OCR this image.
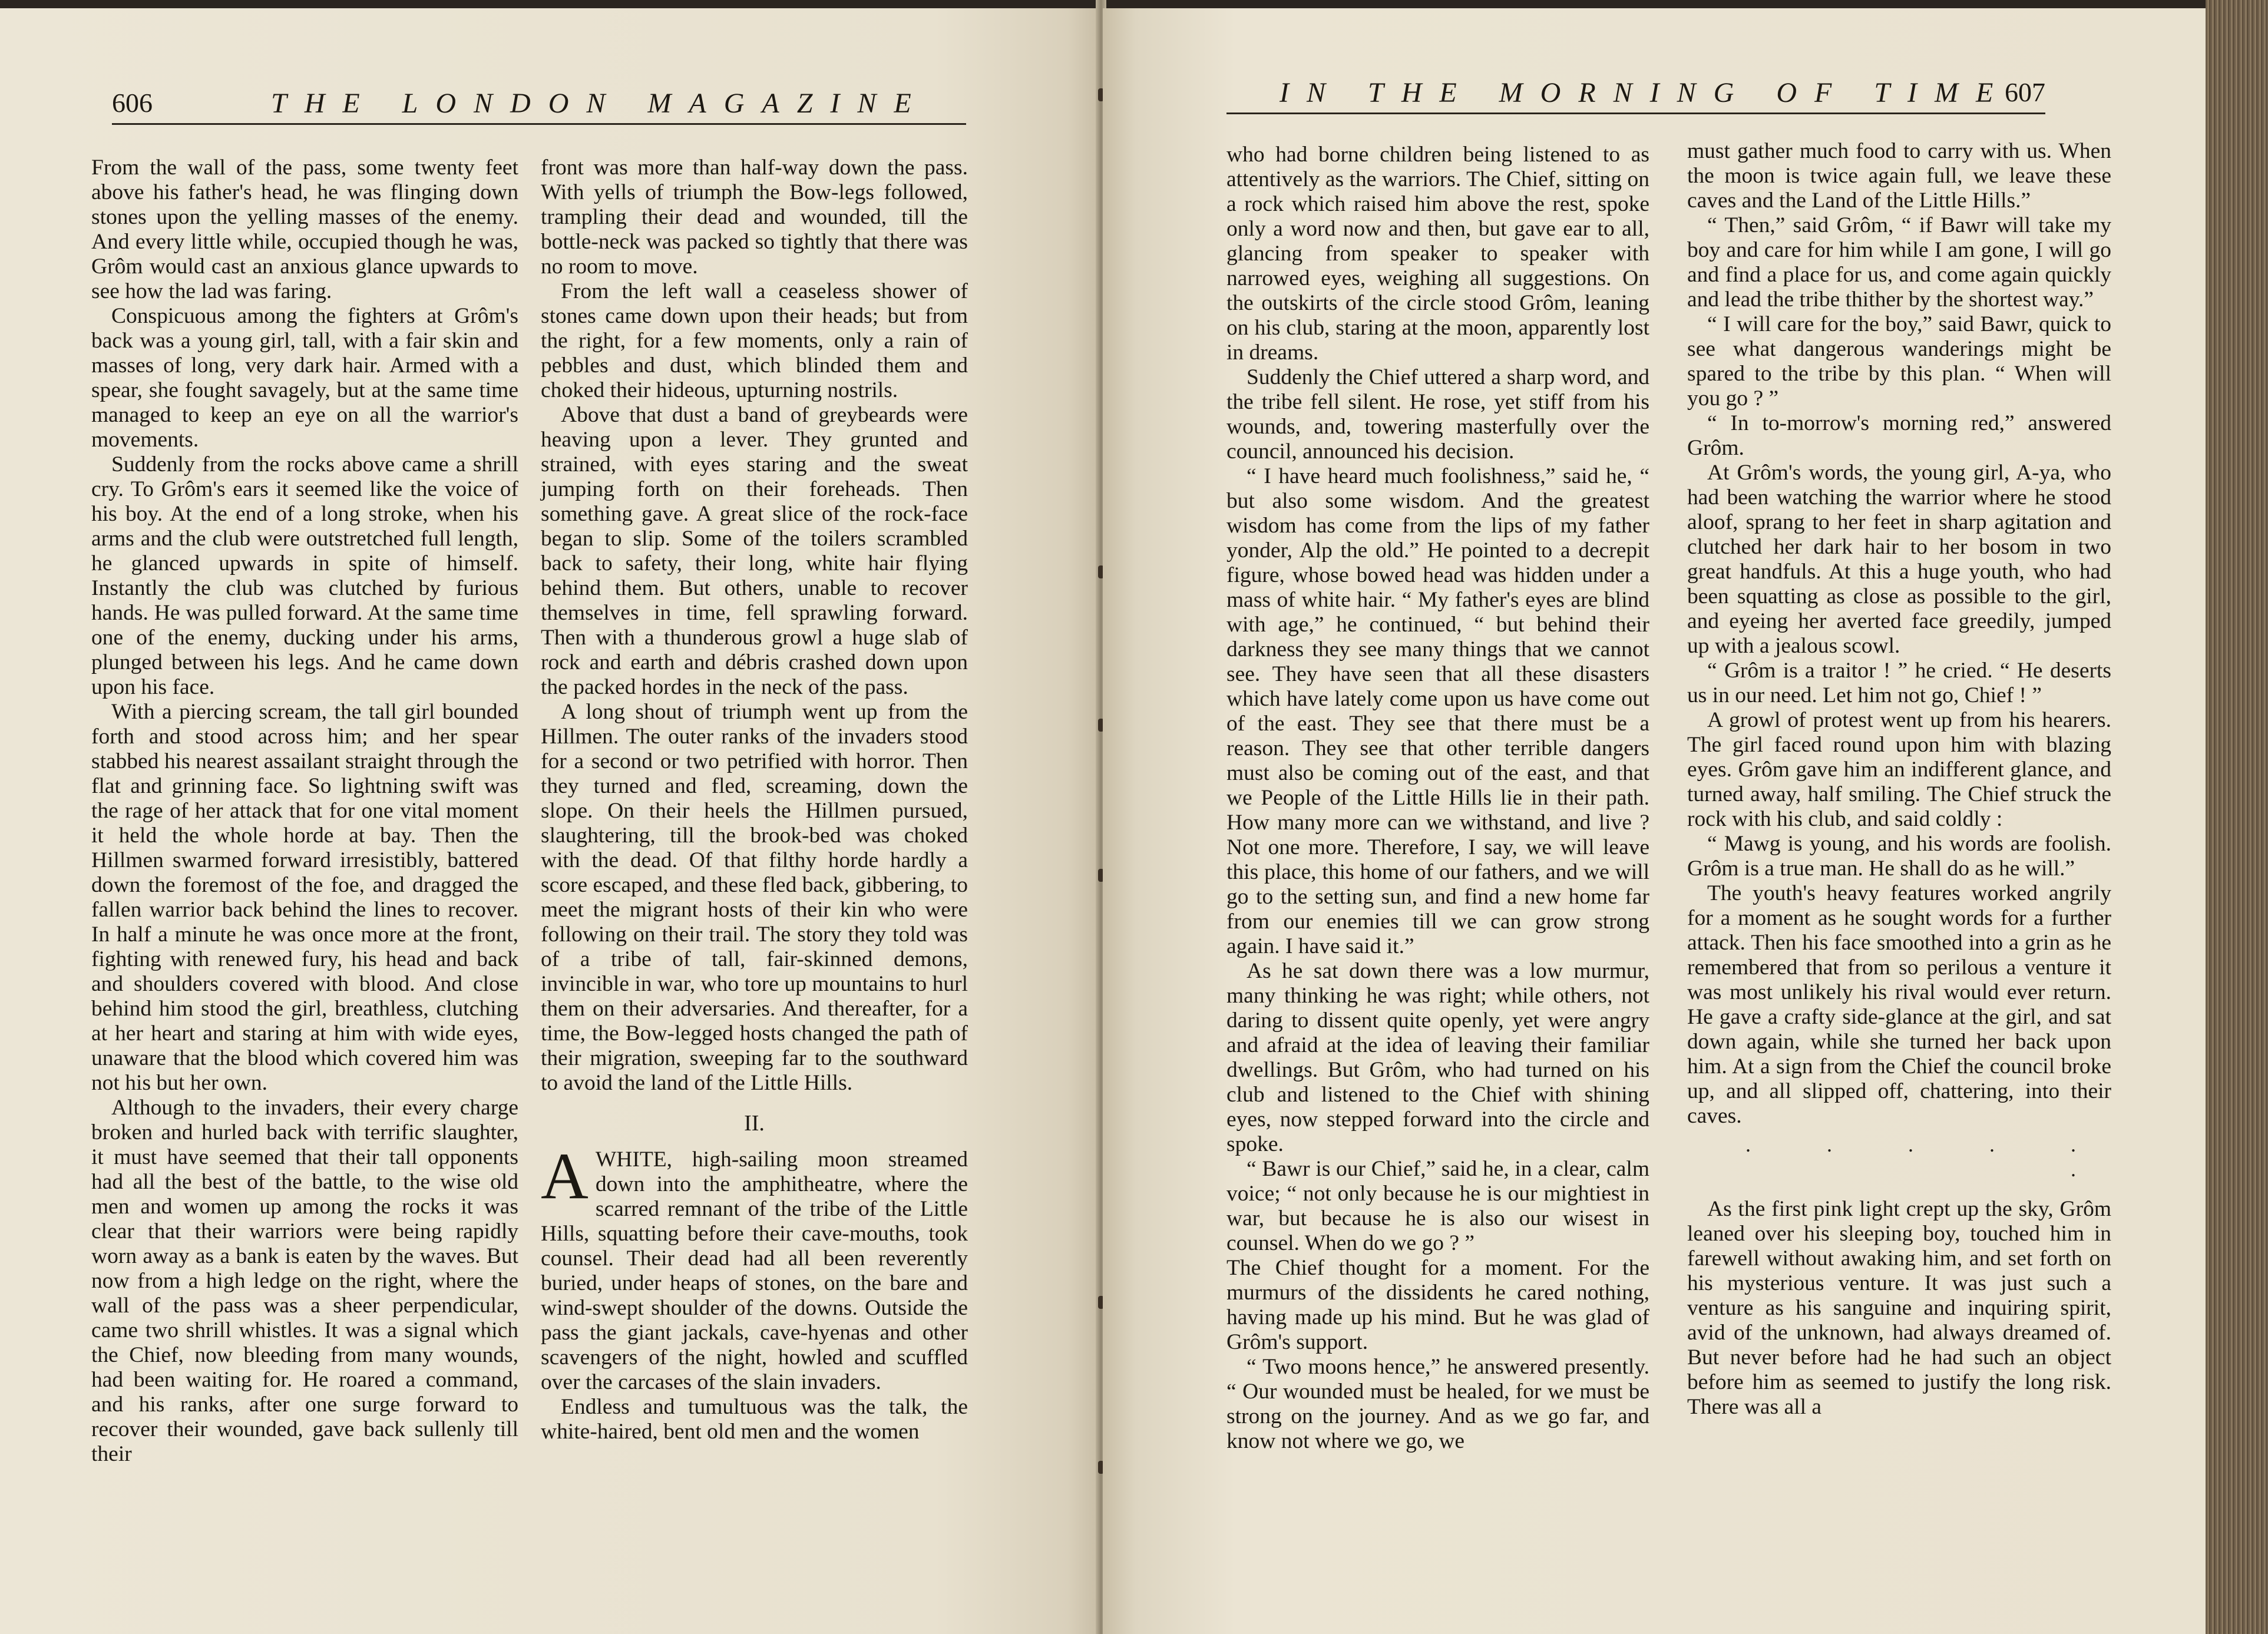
606	THE LONDON MAGAZINE

From the wall of the pass, some twenty feet above his father's head, he was flinging down stones upon the yelling masses of the enemy. And every little while, occupied though he was, Grôm would cast an anxious glance upwards to see how the lad was faring.

Conspicuous among the fighters at Grôm's back was a young girl, tall, with a fair skin and masses of long, very dark hair. Armed with a spear, she fought savagely, but at the same time managed to keep an eye on all the warrior's movements.

Suddenly from the rocks above came a shrill cry. To Grôm's ears it seemed like the voice of his boy. At the end of a long stroke, when his arms and the club were outstretched full length, he glanced upwards in spite of himself. Instantly the club was clutched by furious hands. He was pulled forward. At the same time one of the enemy, ducking under his arms, plunged between his legs. And he came down upon his face.

With a piercing scream, the tall girl bounded forth and stood across him; and her spear stabbed his nearest assailant straight through the flat and grinning face. So lightning swift was the rage of her attack that for one vital moment it held the whole horde at bay. Then the Hillmen swarmed forward irresistibly, battered down the foremost of the foe, and dragged the fallen warrior back behind the lines to recover. In half a minute he was once more at the front, fighting with renewed fury, his head and back and shoulders covered with blood. And close behind him stood the girl, breathless, clutching at her heart and staring at him with wide eyes, unaware that the blood which covered him was not his but her own.

Although to the invaders, their every charge broken and hurled back with terrific slaughter, it must have seemed that their tall opponents had all the best of the battle, to the wise old men and women up among the rocks it was clear that their warriors were being rapidly worn away as a bank is eaten by the waves. But now from a high ledge on the right, where the wall of the pass was a sheer perpendicular, came two shrill whistles. It was a signal which the Chief, now bleeding from many wounds, had been waiting for. He roared a command, and his ranks, after one surge forward to recover their wounded, gave back sullenly till their

front was more than half-way down the pass. With yells of triumph the Bow-legs followed, trampling their dead and wounded, till the bottle-neck was packed so tightly that there was no room to move.

From the left wall a ceaseless shower of stones came down upon their heads; but from the right, for a few moments, only a rain of pebbles and dust, which blinded them and choked their hideous, upturning nostrils.

Above that dust a band of greybeards were heaving upon a lever. They grunted and strained, with eyes staring and the sweat jumping forth on their foreheads. Then something gave. A great slice of the rock-face began to slip. Some of the toilers scrambled back to safety, their long, white hair flying behind them. But others, unable to recover themselves in time, fell sprawling forward. Then with a thunderous growl a huge slab of rock and earth and débris crashed down upon the packed hordes in the neck of the pass.

A long shout of triumph went up from the Hillmen. The outer ranks of the invaders stood for a second or two petrified with horror. Then they turned and fled, screaming, down the slope. On their heels the Hillmen pursued, slaughtering, till the brook-bed was choked with the dead. Of that filthy horde hardly a score escaped, and these fled back, gibbering, to meet the migrant hosts of their kin who were following on their trail. The story they told was of a tribe of tall, fair-skinned demons, invincible in war, who tore up mountains to hurl them on their adversaries. And thereafter, for a time, the Bow-legged hosts changed the path of their migration, sweeping far to the southward to avoid the land of the Little Hills.

II.

AWHITE, high-sailing moon streamed down into the amphitheatre, where the scarred remnant of the tribe of the Little Hills, squatting before their cave-mouths, took counsel. Their dead had all been reverently buried, under heaps of stones, on the bare and wind-swept shoulder of the downs. Outside the pass the giant jackals, cave-hyenas and other scavengers of the night, howled and scuffled over the carcases of the slain invaders.

Endless and tumultuous was the talk, the white-haired, bent old men and the women

IN THE MORNING OF TIME
607

who had borne children being listened to as attentively as the warriors. The Chief, sitting on a rock which raised him above the rest, spoke only a word now and then, but gave ear to all, glancing from speaker to speaker with narrowed eyes, weighing all suggestions. On the outskirts of the circle stood Grôm, leaning on his club, staring at the moon, apparently lost in dreams.

Suddenly the Chief uttered a sharp word, and the tribe fell silent. He rose, yet stiff from his wounds, and, towering masterfully over the council, announced his decision.

“ I have heard much foolishness,” said he, “ but also some wisdom. And the greatest wisdom has come from the lips of my father yonder, Alp the old.” He pointed to a decrepit figure, whose bowed head was hidden under a mass of white hair. “ My father's eyes are blind with age,” he continued, “ but behind their darkness they see many things that we cannot see. They have seen that all these disasters which have lately come upon us have come out of the east. They see that there must be a reason. They see that other terrible dangers must also be coming out of the east, and that we People of the Little Hills lie in their path. How many more can we withstand, and live ? Not one more. Therefore, I say, we will leave this place, this home of our fathers, and we will go to the setting sun, and find a new home far from our enemies till we can grow strong again. I have said it.”

As he sat down there was a low murmur, many thinking he was right; while others, not daring to dissent quite openly, yet were angry and afraid at the idea of leaving their familiar dwellings. But Grôm, who had turned on his club and listened to the Chief with shining eyes, now stepped forward into the circle and spoke.

“ Bawr is our Chief,” said he, in a clear, calm voice; “ not only because he is our mightiest in war, but because he is also our wisest in counsel. When do we go ? ”

The Chief thought for a moment. For the murmurs of the dissidents he cared nothing, having made up his mind. But he was glad of Grôm's support.

“ Two moons hence,” he answered presently. “ Our wounded must be healed, for we must be strong on the journey. And as we go far, and know not where we go, we

must gather much food to carry with us. When the moon is twice again full, we leave these caves and the Land of the Little Hills.”

“ Then,” said Grôm, “ if Bawr will take my boy and care for him while I am gone, I will go and find a place for us, and come again quickly and lead the tribe thither by the shortest way.”

“ I will care for the boy,” said Bawr, quick to see what dangerous wanderings might be spared to the tribe by this plan. “ When will you go ? ”

“ In to-morrow's morning red,” answered Grôm.

At Grôm's words, the young girl, A-ya, who had been watching the warrior where he stood aloof, sprang to her feet in sharp agitation and clutched her dark hair to her bosom in two great handfuls. At this a huge youth, who had been squatting as close as possible to the girl, and eyeing her averted face greedily, jumped up with a jealous scowl.

“ Grôm is a traitor ! ” he cried. “ He deserts us in our need. Let him not go, Chief ! ”

A growl of protest went up from his hearers. The girl faced round upon him with blazing eyes. Grôm gave him an indifferent glance, and turned away, half smiling. The Chief struck the rock with his club, and said coldly :

“ Mawg is young, and his words are foolish. Grôm is a true man. He shall do as he will.”

The youth's heavy features worked angrily for a moment as he sought words for a further attack. Then his face smoothed into a grin as he remembered that from so perilous a venture it was most unlikely his rival would ever return. He gave a crafty side-glance at the girl, and sat down again, while she turned her back upon him. At a sign from the Chief the council broke up, and all slipped off, chattering, into their caves.

. . . . . .

As the first pink light crept up the sky, Grôm leaned over his sleeping boy, touched him in farewell without awaking him, and set forth on his mysterious venture. It was just such a venture as his sanguine and inquiring spirit, avid of the unknown, had always dreamed of. But never before had he had such an object before him as seemed to justify the long risk. There was all a
